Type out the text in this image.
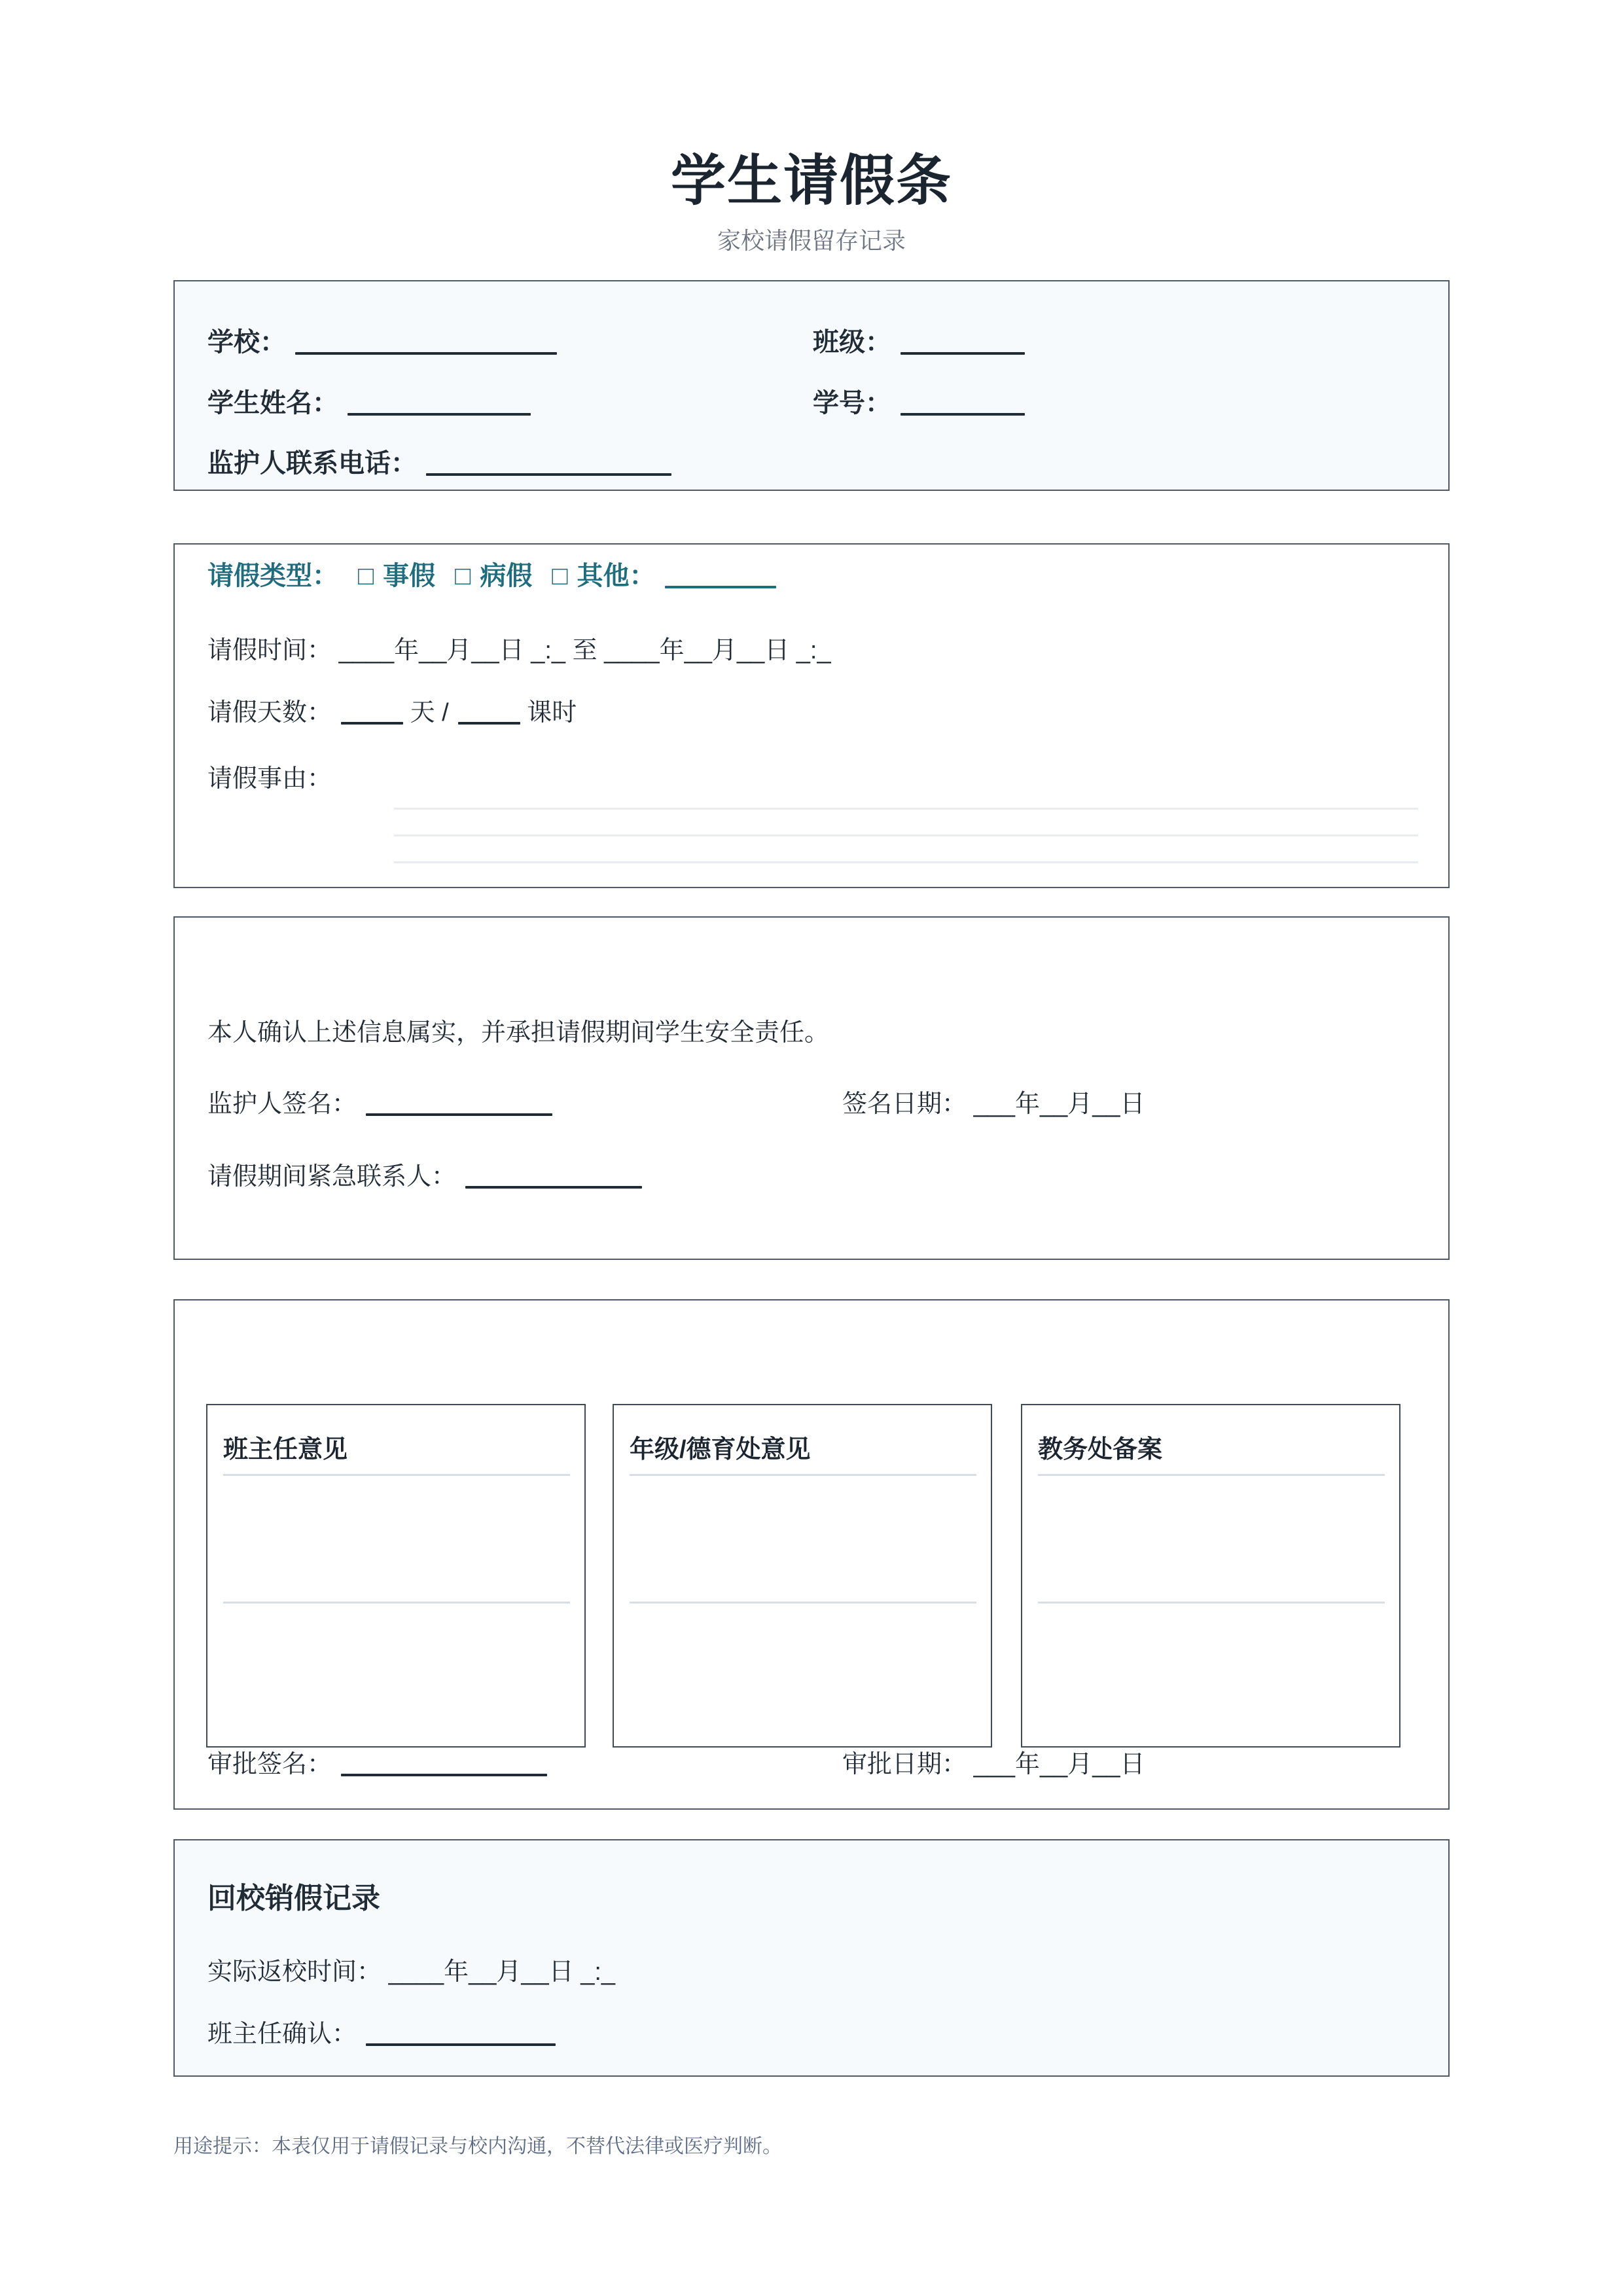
学生请假条
家校请假留存记录
学校：	班级：
学生姓名：	学号：
监护人联系电话：
请假类型： □ 事假 □ 病假 □ 其他：
请假时间： ____年__月__日 _:_ 至 ____年__月__日 _:_
请假天数：	天 /	课时
请假事由：
本人确认上述信息属实，并承担请假期间学生安全责任。
监护人签名：	签名日期： ___年__月__日
请假期间紧急联系人：
班主任意见	年级/德育处意见	教务处备案
审批签名：	审批日期： ___年__月__日
回校销假记录
实际返校时间： ____年__月__日 _:_
班主任确认：
用途提示：本表仅用于请假记录与校内沟通，不替代法律或医疗判断。
